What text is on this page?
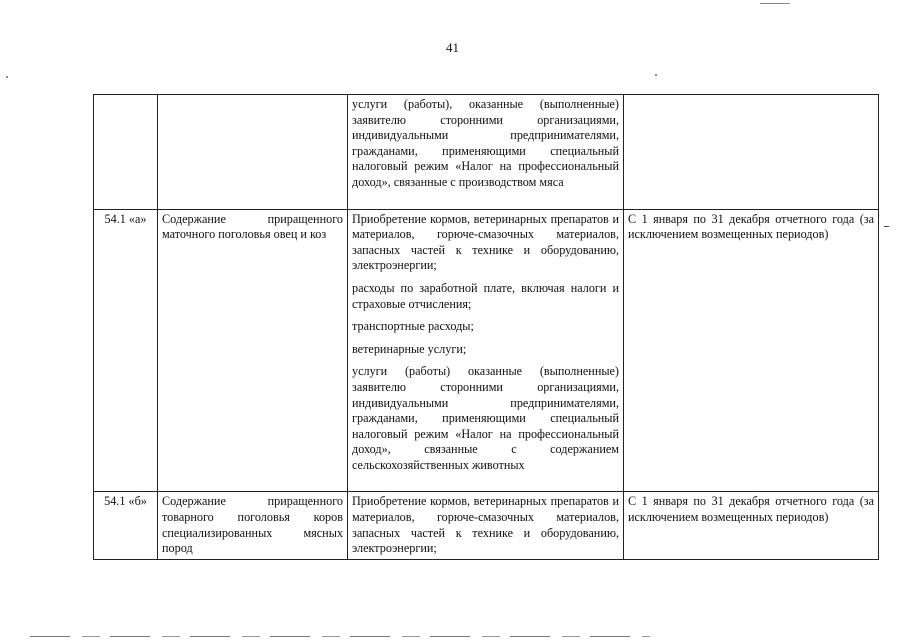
41

		услуги (работы), оказанные (выполненные) заявителю сторонними организациями, индивидуальными предпринимателями, гражданами, применяющими специальный налоговый режим «Налог на профессиональный доход», связанные с производством мяса	

54.1 «а»	Содержание приращенного маточного поголовья овец и коз	Приобретение кормов, ветеринарных препаратов и материалов, горюче-смазочных материалов, запасных частей к технике и оборудованию, электроэнергии;

расходы по заработной плате, включая налоги и страховые отчисления;

транспортные расходы;

ветеринарные услуги;

услуги (работы) оказанные (выполненные) заявителю сторонними организациями, индивидуальными предпринимателями, гражданами, применяющими специальный налоговый режим «Налог на профессиональный доход», связанные с содержанием сельскохозяйственных животных	С 1 января по 31 декабря отчетного года (за исключением возмещенных периодов)
54.1 «б»	Содержание приращенного товарного поголовья коров специализированных мясных пород	Приобретение кормов, ветеринарных препаратов и материалов, горюче-смазочных материалов, запасных частей к технике и оборудованию, электроэнергии;	С 1 января по 31 декабря отчетного года (за исключением возмещенных периодов)
